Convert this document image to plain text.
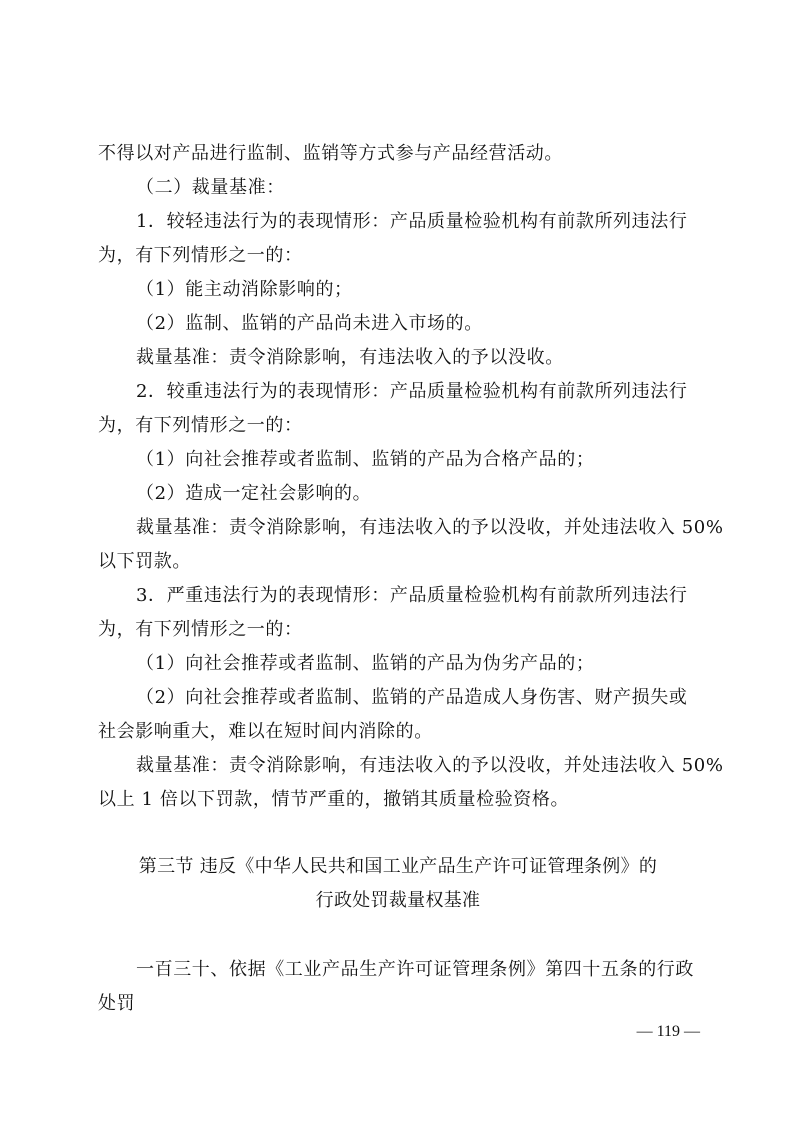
不得以对产品进行监制、监销等方式参与产品经营活动。
（二）裁量基准：
1．较轻违法行为的表现情形：产品质量检验机构有前款所列违法行
为，有下列情形之一的：
（1）能主动消除影响的；
（2）监制、监销的产品尚未进入市场的。
裁量基准：责令消除影响，有违法收入的予以没收。
2．较重违法行为的表现情形：产品质量检验机构有前款所列违法行
为，有下列情形之一的：
（1）向社会推荐或者监制、监销的产品为合格产品的；
（2）造成一定社会影响的。
裁量基准：责令消除影响，有违法收入的予以没收，并处违法收入 50%
以下罚款。
3．严重违法行为的表现情形：产品质量检验机构有前款所列违法行
为，有下列情形之一的：
（1）向社会推荐或者监制、监销的产品为伪劣产品的；
（2）向社会推荐或者监制、监销的产品造成人身伤害、财产损失或
社会影响重大，难以在短时间内消除的。
裁量基准：责令消除影响，有违法收入的予以没收，并处违法收入 50%
以上 1 倍以下罚款，情节严重的，撤销其质量检验资格。
第三节 违反《中华人民共和国工业产品生产许可证管理条例》的
行政处罚裁量权基准
一百三十、依据《工业产品生产许可证管理条例》第四十五条的行政
处罚
— 119 —
